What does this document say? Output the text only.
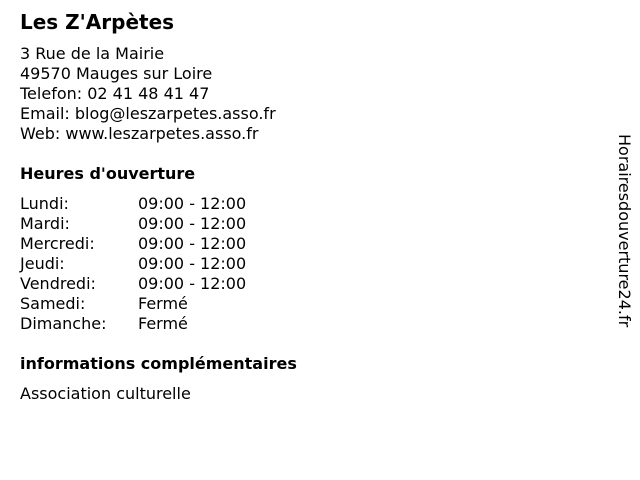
Les Z'Arpètes
3 Rue de la Mairie
49570 Mauges sur Loire
Telefon: 02 41 48 41 47
Email: blog@leszarpetes.asso.fr
Web: www.leszarpetes.asso.fr
Heures d'ouverture
Lundi:	09:00 - 12:00
Mardi:	09:00 - 12:00
Mercredi:	09:00 - 12:00
Jeudi:	09:00 - 12:00
Vendredi:	09:00 - 12:00
Samedi:	Fermé
Dimanche: Fermé
informations complémentaires
Association culturelle
Horairesdouverture24.fr
